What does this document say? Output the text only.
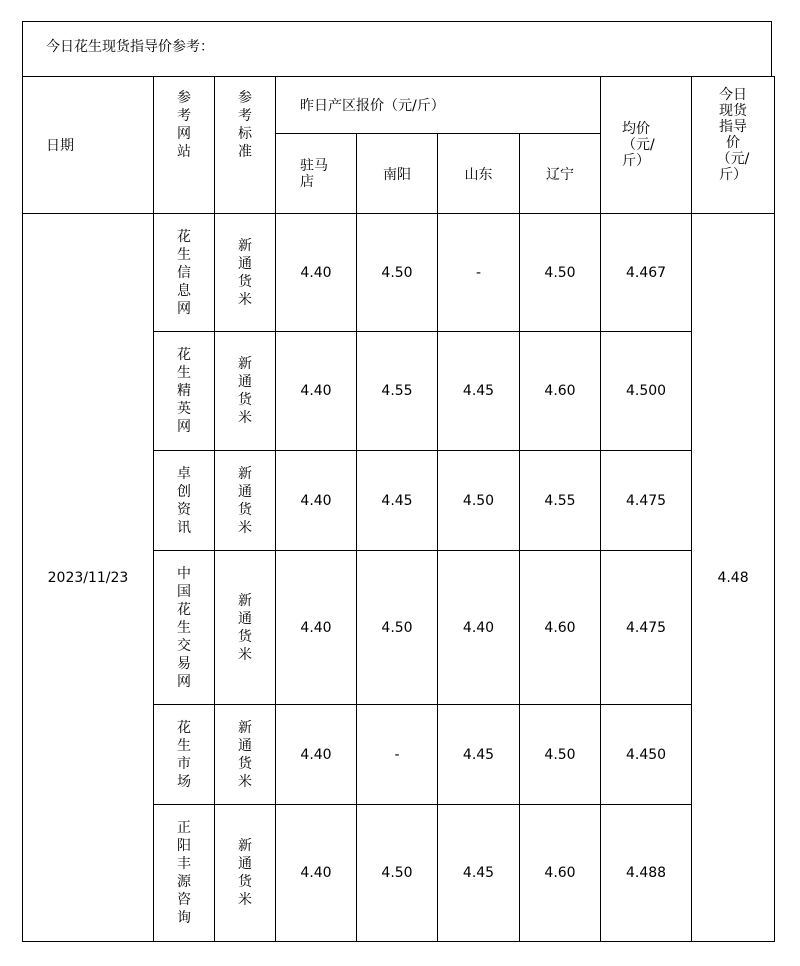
今日花生现货指导价参考：
日期	参考网站	参考标准	昨日产区报价（元/斤）				均价（元/斤）	今日现货指导价（元/斤）
			驻马店	南阳	山东	辽宁		
2023/11/23	花生信息网	新通货米	4.40	4.50	-	4.50	4.467	4.48
	花生精英网	新通货米	4.40	4.55	4.45	4.60	4.500	
	卓创资讯	新通货米	4.40	4.45	4.50	4.55	4.475	
	中国花生交易网	新通货米	4.40	4.50	4.40	4.60	4.475	
	花生市场	新通货米	4.40	-	4.45	4.50	4.450	
	正阳丰源咨询	新通货米	4.40	4.50	4.45	4.60	4.488	
